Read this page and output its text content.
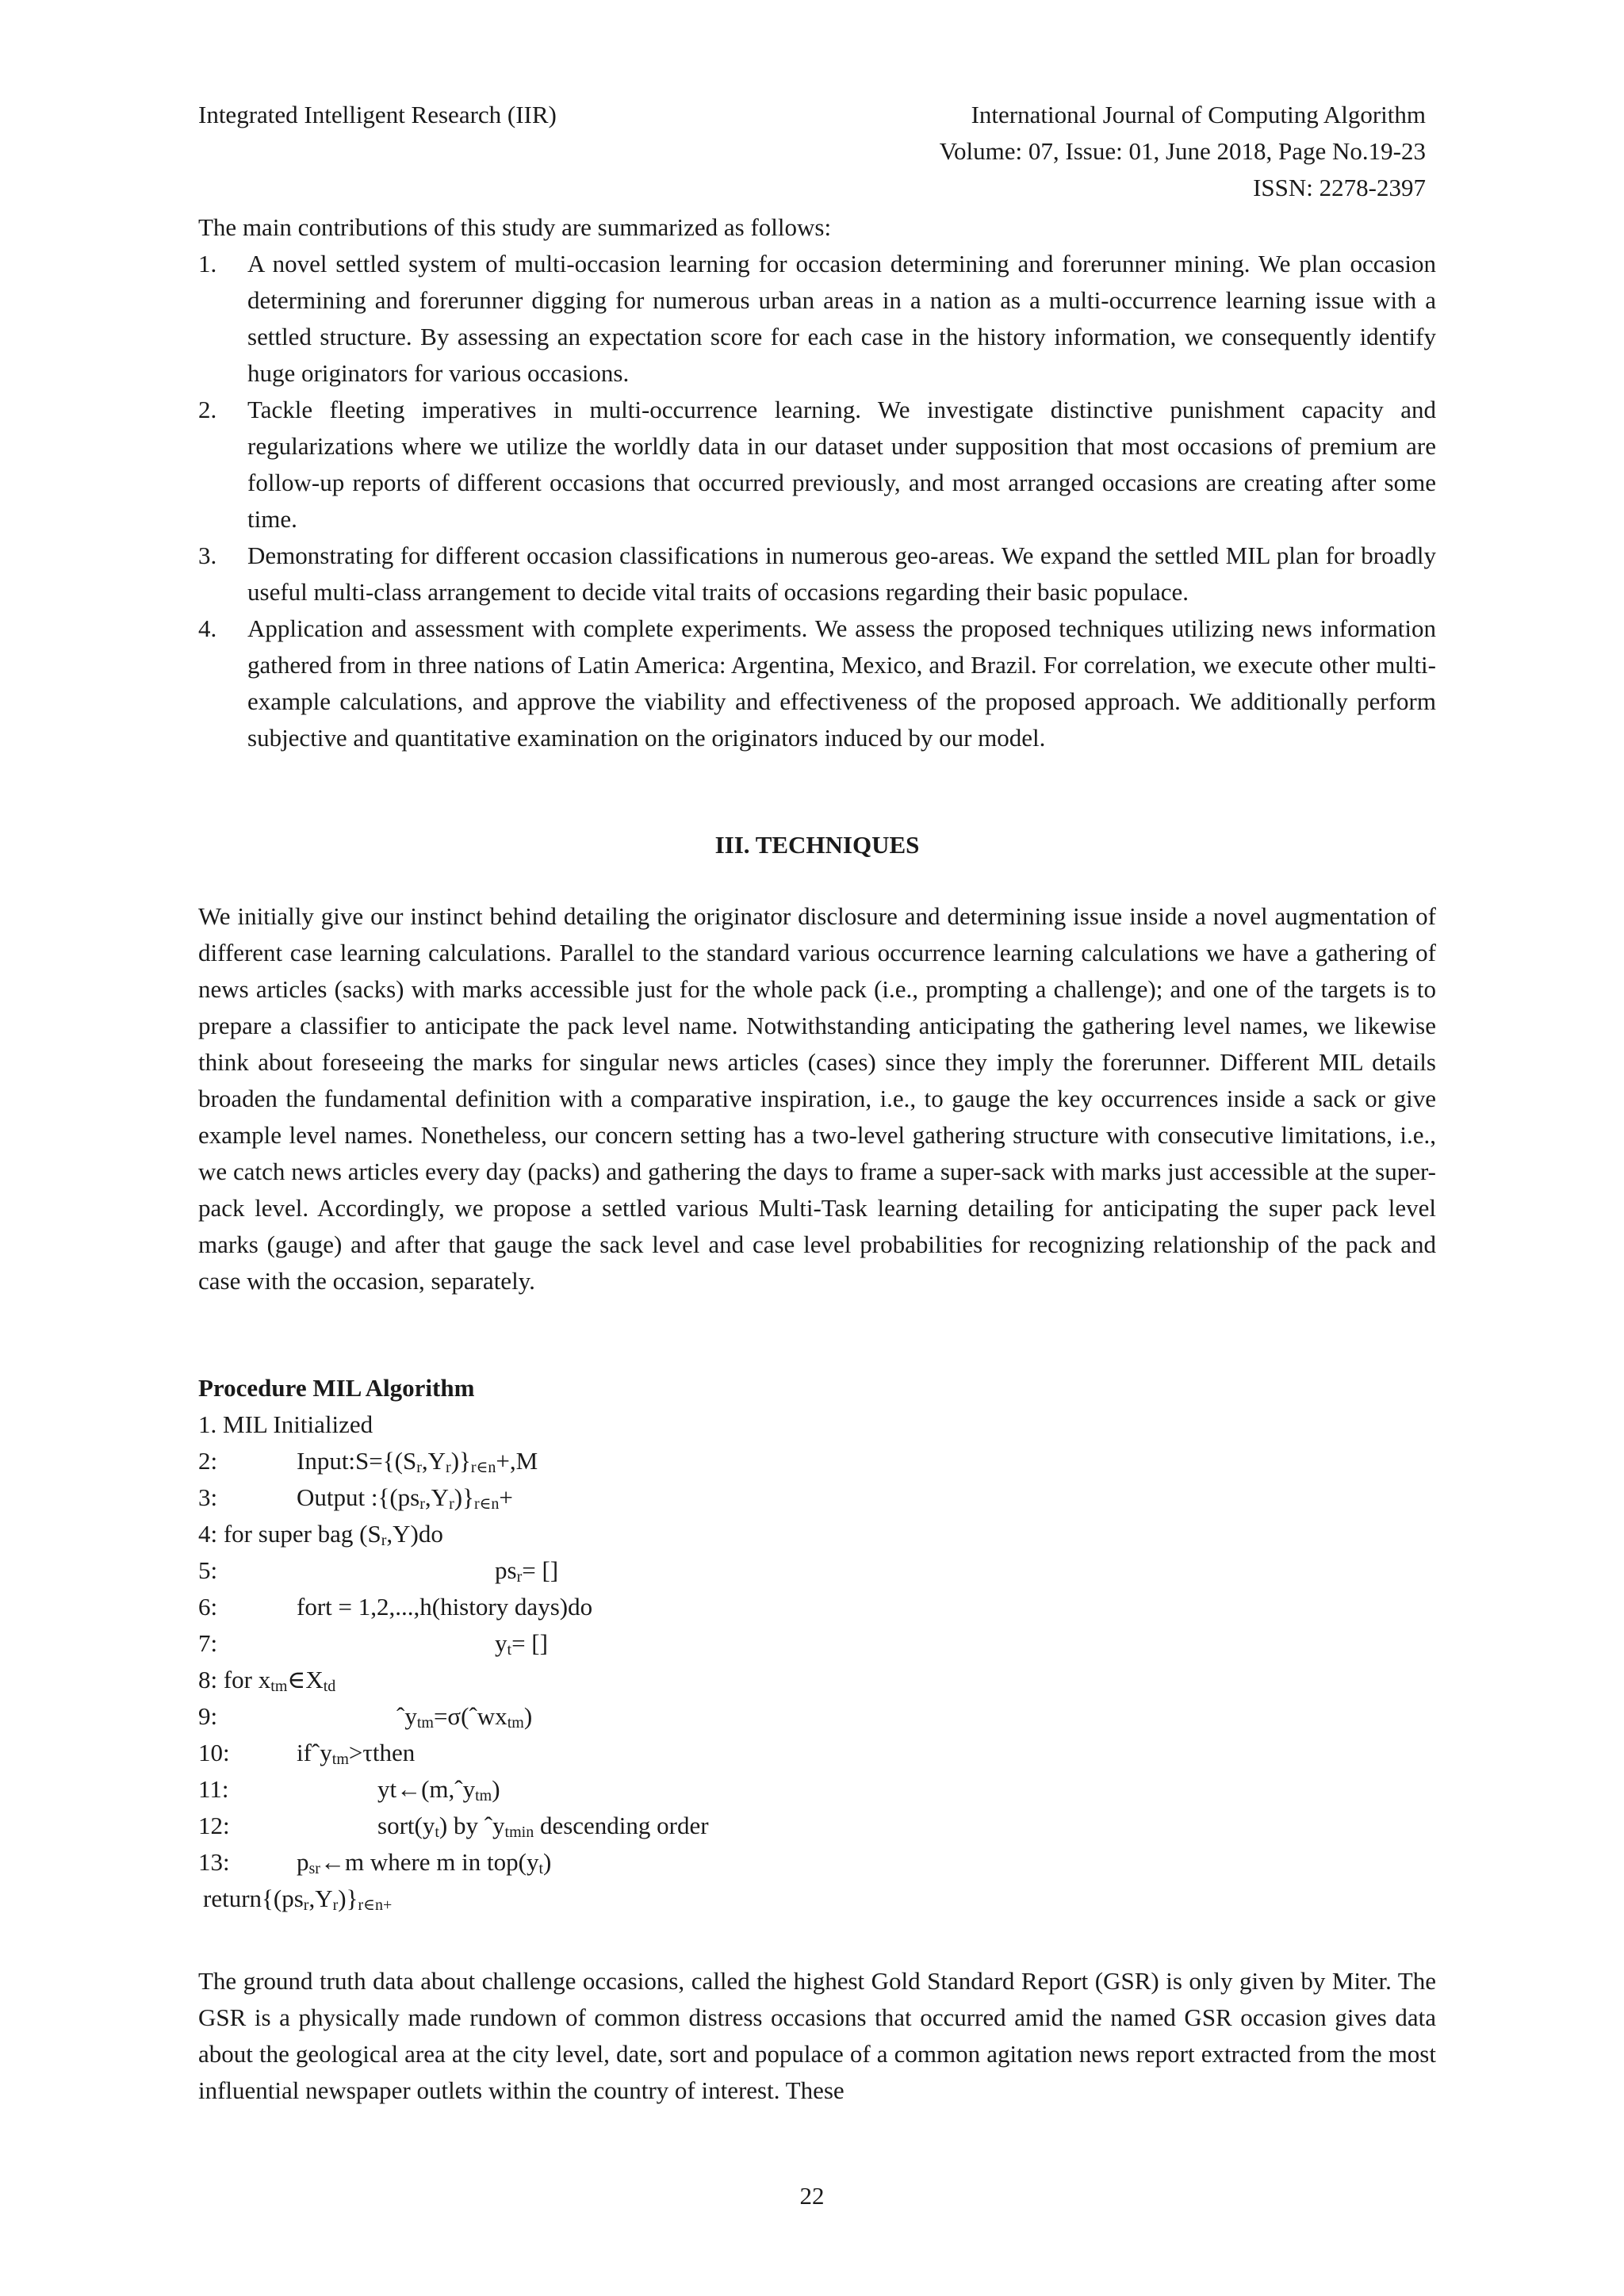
Integrated Intelligent Research (IIR)	International Journal of Computing Algorithm
Volume: 07, Issue: 01, June 2018, Page No.19-23
ISSN: 2278-2397

The main contributions of this study are summarized as follows:

1. A novel settled system of multi-occasion learning for occasion determining and forerunner mining. We plan occasion determining and forerunner digging for numerous urban areas in a nation as a multi-occurrence learning issue with a settled structure. By assessing an expectation score for each case in the history information, we consequently identify huge originators for various occasions.
2. Tackle fleeting imperatives in multi-occurrence learning. We investigate distinctive punishment capacity and regularizations where we utilize the worldly data in our dataset under supposition that most occasions of premium are follow-up reports of different occasions that occurred previously, and most arranged occasions are creating after some time.
3. Demonstrating for different occasion classifications in numerous geo-areas. We expand the settled MIL plan for broadly useful multi-class arrangement to decide vital traits of occasions regarding their basic populace.
4. Application and assessment with complete experiments. We assess the proposed techniques utilizing news information gathered from in three nations of Latin America: Argentina, Mexico, and Brazil. For correlation, we execute other multi-example calculations, and approve the viability and effectiveness of the proposed approach. We additionally perform subjective and quantitative examination on the originators induced by our model.
III. TECHNIQUES

We initially give our instinct behind detailing the originator disclosure and determining issue inside a novel augmentation of different case learning calculations. Parallel to the standard various occurrence learning calculations we have a gathering of news articles (sacks) with marks accessible just for the whole pack (i.e., prompting a challenge); and one of the targets is to prepare a classifier to anticipate the pack level name. Notwithstanding anticipating the gathering level names, we likewise think about foreseeing the marks for singular news articles (cases) since they imply the forerunner. Different MIL details broaden the fundamental definition with a comparative inspiration, i.e., to gauge the key occurrences inside a sack or give example level names. Nonetheless, our concern setting has a two-level gathering structure with consecutive limitations, i.e., we catch news articles every day (packs) and gathering the days to frame a super-sack with marks just accessible at the super-pack level. Accordingly, we propose a settled various Multi-Task learning detailing for anticipating the super pack level marks (gauge) and after that gauge the sack level and case level probabilities for recognizing relationship of the pack and case with the occasion, separately.

Procedure MIL Algorithm
1. MIL Initialized
2:	$Input:S=\{(S_r,Y_r)\}_{r\in n}+,M$
3:	Output $:\{(ps_r,Y_r)\}_{r\in n}+$
4: for super bag $(S_r,Y)do$
5:	$ps_r=$ []
6:	fort = 1,2,...,h(history days)do
7:	$y_t=$ []
8: for $x_{tm}\in X_{td}$
9:	ˆy$_{tm}$=σ(ˆwx$_{tm}$)
10:	ifˆy$_{tm}$>τthen
11:	yt←(m,ˆy$_{tm}$)
12:	$sort(y_t)$ by ˆy$_{tmin}$ descending order
13:	$p_{sr}\leftarrow m$ where m in $top(y_t)$
$return\{(ps_r,Y_r)\}_{r\in n+}$

The ground truth data about challenge occasions, called the highest Gold Standard Report (GSR) is only given by Miter. The GSR is a physically made rundown of common distress occasions that occurred amid the named GSR occasion gives data about the geological area at the city level, date, sort and populace of a common agitation news report extracted from the most influential newspaper outlets within the country of interest. These

22
